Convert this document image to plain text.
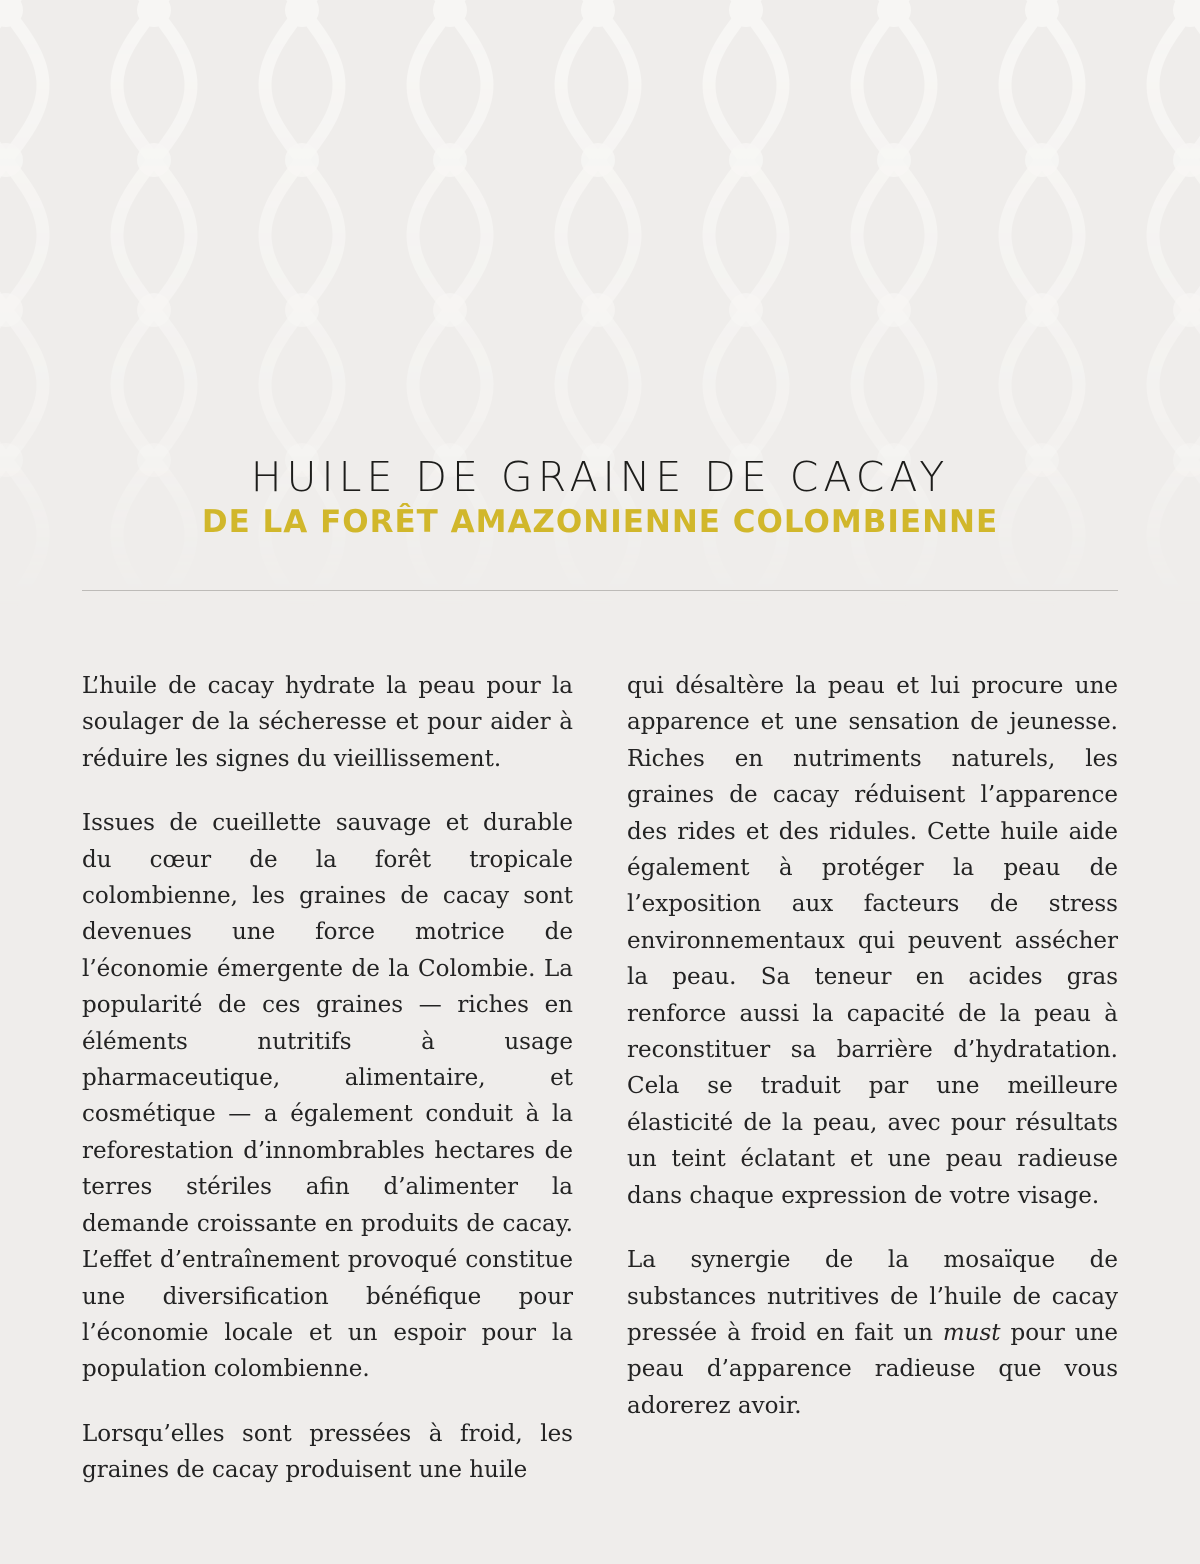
HUILE DE GRAINE DE CACAY
DE LA FORÊT AMAZONIENNE COLOMBIENNE

L’huile de cacay hydrate la peau pour la soulager de la sécheresse et pour aider à réduire les signes du vieillissement.

Issues de cueillette sauvage et durable du cœur de la forêt tropicale colombienne, les graines de cacay sont devenues une force motrice de l’économie émergente de la Colombie. La popularité de ces graines — riches en éléments nutritifs à usage pharmaceutique, alimentaire, et cosmétique — a également conduit à la reforestation d’innombrables hectares de terres stériles afin d’alimenter la demande croissante en produits de cacay. L’effet d’entraînement provoqué constitue une diversification bénéfique pour l’économie locale et un espoir pour la population colombienne.

Lorsqu’elles sont pressées à froid, les graines de cacay produisent une huile

qui désaltère la peau et lui procure une apparence et une sensation de jeunesse. Riches en nutriments naturels, les graines de cacay réduisent l’apparence des rides et des ridules. Cette huile aide également à protéger la peau de l’exposition aux facteurs de stress environnementaux qui peuvent assécher la peau. Sa teneur en acides gras renforce aussi la capacité de la peau à reconstituer sa barrière d’hydratation. Cela se traduit par une meilleure élasticité de la peau, avec pour résultats un teint éclatant et une peau radieuse dans chaque expression de votre visage.

La synergie de la mosaïque de substances nutritives de l’huile de cacay pressée à froid en fait un must pour une peau d’apparence radieuse que vous adorerez avoir.
